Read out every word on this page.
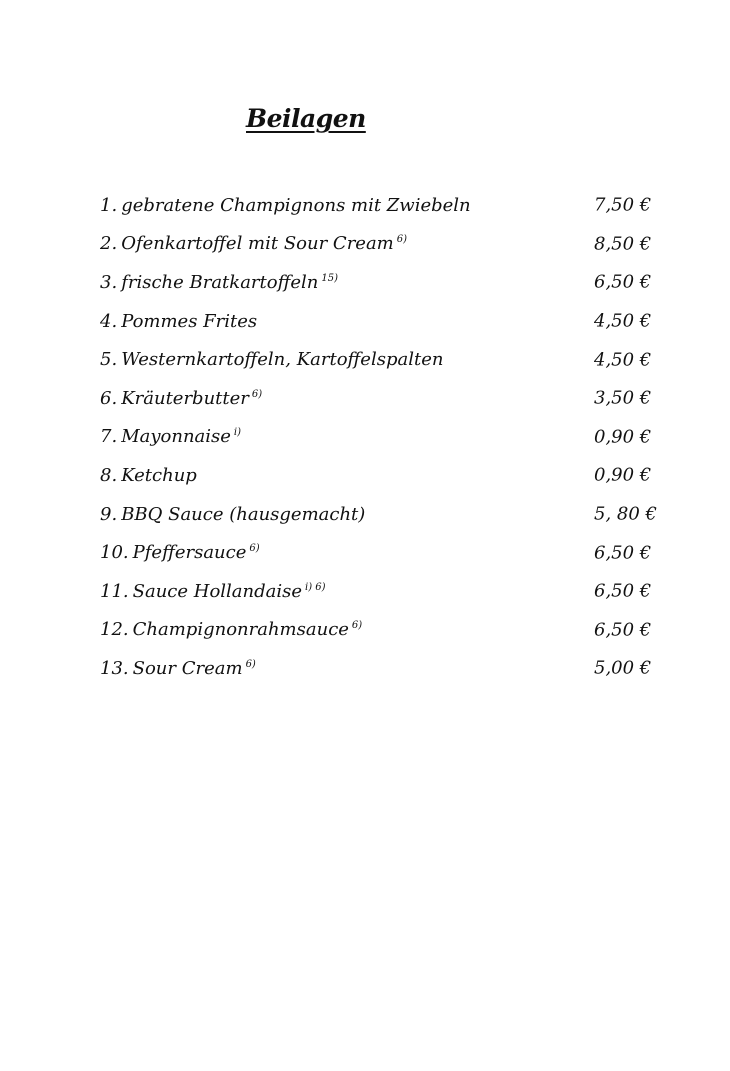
Beilagen
1. gebratene Champignons mit Zwiebeln	7,50 €
2. Ofenkartoffel mit Sour Cream $^{6)}$	8,50 €
3. frische Bratkartoffeln $^{15)}$	6,50 €
4. Pommes Frites	4,50 €
5. Westernkartoffeln, Kartoffelspalten	4,50 €
6. Kräuterbutter $^{6)}$	3,50 €
7. Mayonnaise $^{i)}$	0,90 €
8. Ketchup	0,90 €
9. BBQ Sauce (hausgemacht)	5, 80 €
10. Pfeffersauce $^{6)}$	6,50 €
11. Sauce Hollandaise $^{i) 6)}$	6,50 €
12. Champignonrahmsauce $^{6)}$	6,50 €
13. Sour Cream $^{6)}$	5,00 €
